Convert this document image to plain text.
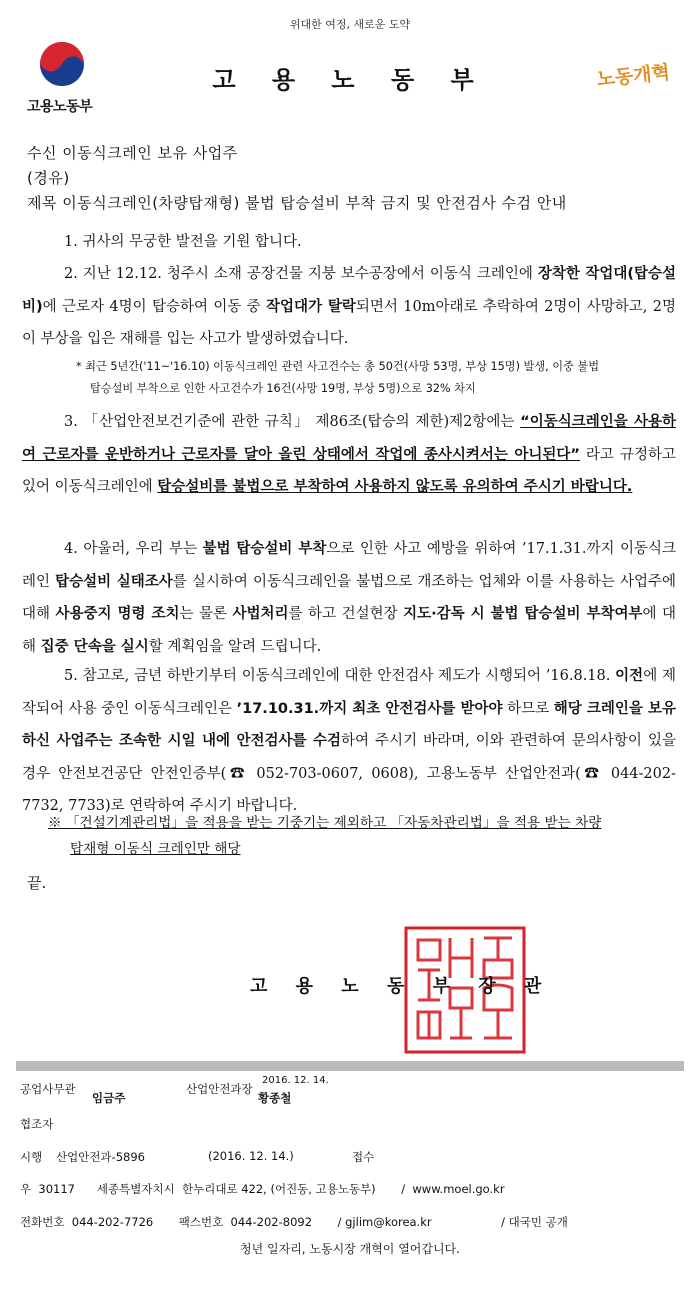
위대한 여정, 새로운 도약
고용노동부
고 용 노 동 부	노동개혁
수신 이동식크레인 보유 사업주
(경유)
제목 이동식크레인(차량탑재형) 불법 탑승설비 부착 금지 및 안전검사 수검 안내
1. 귀사의 무궁한 발전을 기원 합니다.
2. 지난 12.12. 청주시 소재 공장건물 지붕 보수공장에서 이동식 크레인에 장착한 작업대(탑승설비)에 근로자 4명이 탑승하여 이동 중 작업대가 탈락되면서 10m아래로 추락하여 2명이 사망하고, 2명이 부상을 입은 재해를 입는 사고가 발생하였습니다.
* 최근 5년간('11~'16.10) 이동식크레인 관련 사고건수는 총 50건(사망 53명, 부상 15명) 발생, 이중 불법
탑승설비 부착으로 인한 사고건수가 16건(사망 19명, 부상 5명)으로 32% 차지
3. 「산업안전보건기준에 관한 규칙」 제86조(탑승의 제한)제2항에는 “이동식크레인을 사용하여 근로자를 운반하거나 근로자를 달아 올린 상태에서 작업에 종사시켜서는 아니된다” 라고 규정하고 있어 이동식크레인에 탑승설비를 불법으로 부착하여 사용하지 않도록 유의하여 주시기 바랍니다.
4. 아울러, 우리 부는 불법 탑승설비 부착으로 인한 사고 예방을 위하여 ’17.1.31.까지 이동식크레인 탑승설비 실태조사를 실시하여 이동식크레인을 불법으로 개조하는 업체와 이를 사용하는 사업주에 대해 사용중지 명령 조치는 물론 사법처리를 하고 건설현장 지도·감독 시 불법 탑승설비 부착여부에 대해 집중 단속을 실시할 계획임을 알려 드립니다.
5. 참고로, 금년 하반기부터 이동식크레인에 대한 안전검사 제도가 시행되어 ’16.8.18. 이전에 제작되어 사용 중인 이동식크레인은 ’17.10.31.까지 최초 안전검사를 받아야 하므로 해당 크레인을 보유하신 사업주는 조속한 시일 내에 안전검사를 수검하여 주시기 바라며, 이와 관련하여 문의사항이 있을 경우 안전보건공단 안전인증부(☎ 052-703-0607, 0608), 고용노동부 산업안전과(☎ 044-202-7732, 7733)로 연락하여 주시기 바랍니다.
※ 「건설기계관리법」을 적용을 받는 기중기는 제외하고 「자동차관리법」을 적용 받는 차량
탑재형 이동식 크레인만 해당
끝.
고 용 노 동 부 장 관
공업사무관
임금주
산업안전과장
2016. 12. 14.
황종철
협조자
시행 산업안전과-5896	(2016. 12. 14.)	접수
우  30117      세종특별자치시  한누리대로 422, (어진동, 고용노동부)       /  www.moel.go.kr
전화번호  044-202-7726       팩스번호  044-202-8092       / gjlim@korea.kr                   / 대국민 공개
청년 일자리, 노동시장 개혁이 열어갑니다.
